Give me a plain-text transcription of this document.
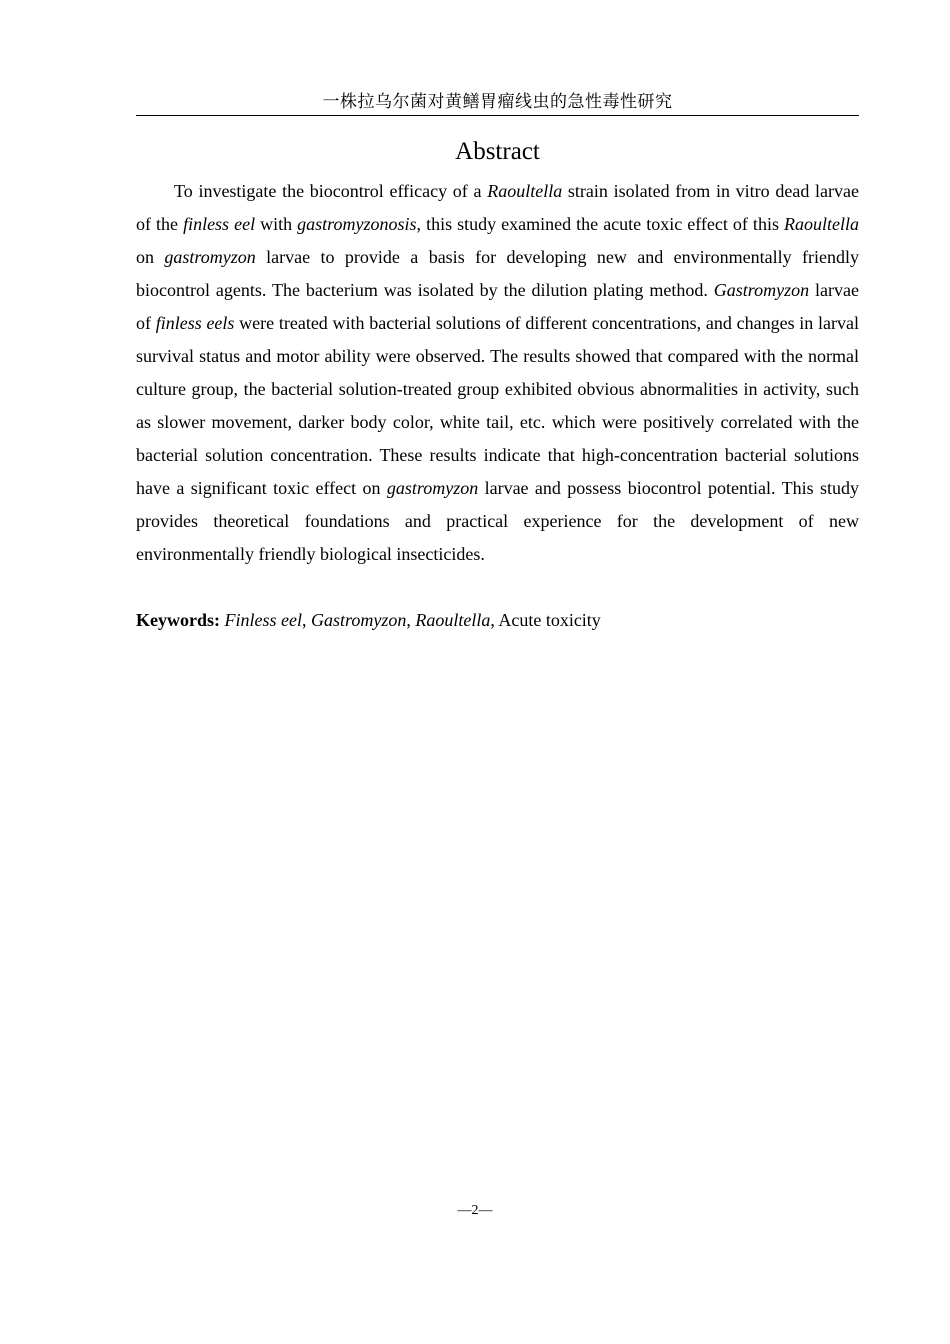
一株拉乌尔菌对黄鳝胃瘤线虫的急性毒性研究
Abstract

To investigate the biocontrol efficacy of a Raoultella strain isolated from in vitro dead larvae of the finless eel with gastromyzonosis, this study examined the acute toxic effect of this Raoultella on gastromyzon larvae to provide a basis for developing new and environmentally friendly biocontrol agents. The bacterium was isolated by the dilution plating method. Gastromyzon larvae of finless eels were treated with bacterial solutions of different concentrations, and changes in larval survival status and motor ability were observed. The results showed that compared with the normal culture group, the bacterial solution-treated group exhibited obvious abnormalities in activity, such as slower movement, darker body color, white tail, etc. which were positively correlated with the bacterial solution concentration. These results indicate that high-concentration bacterial solutions have a significant toxic effect on gastromyzon larvae and possess biocontrol potential. This study provides theoretical foundations and practical experience for the development of new environmentally friendly biological insecticides.

Keywords: Finless eel, Gastromyzon, Raoultella, Acute toxicity

—2—
